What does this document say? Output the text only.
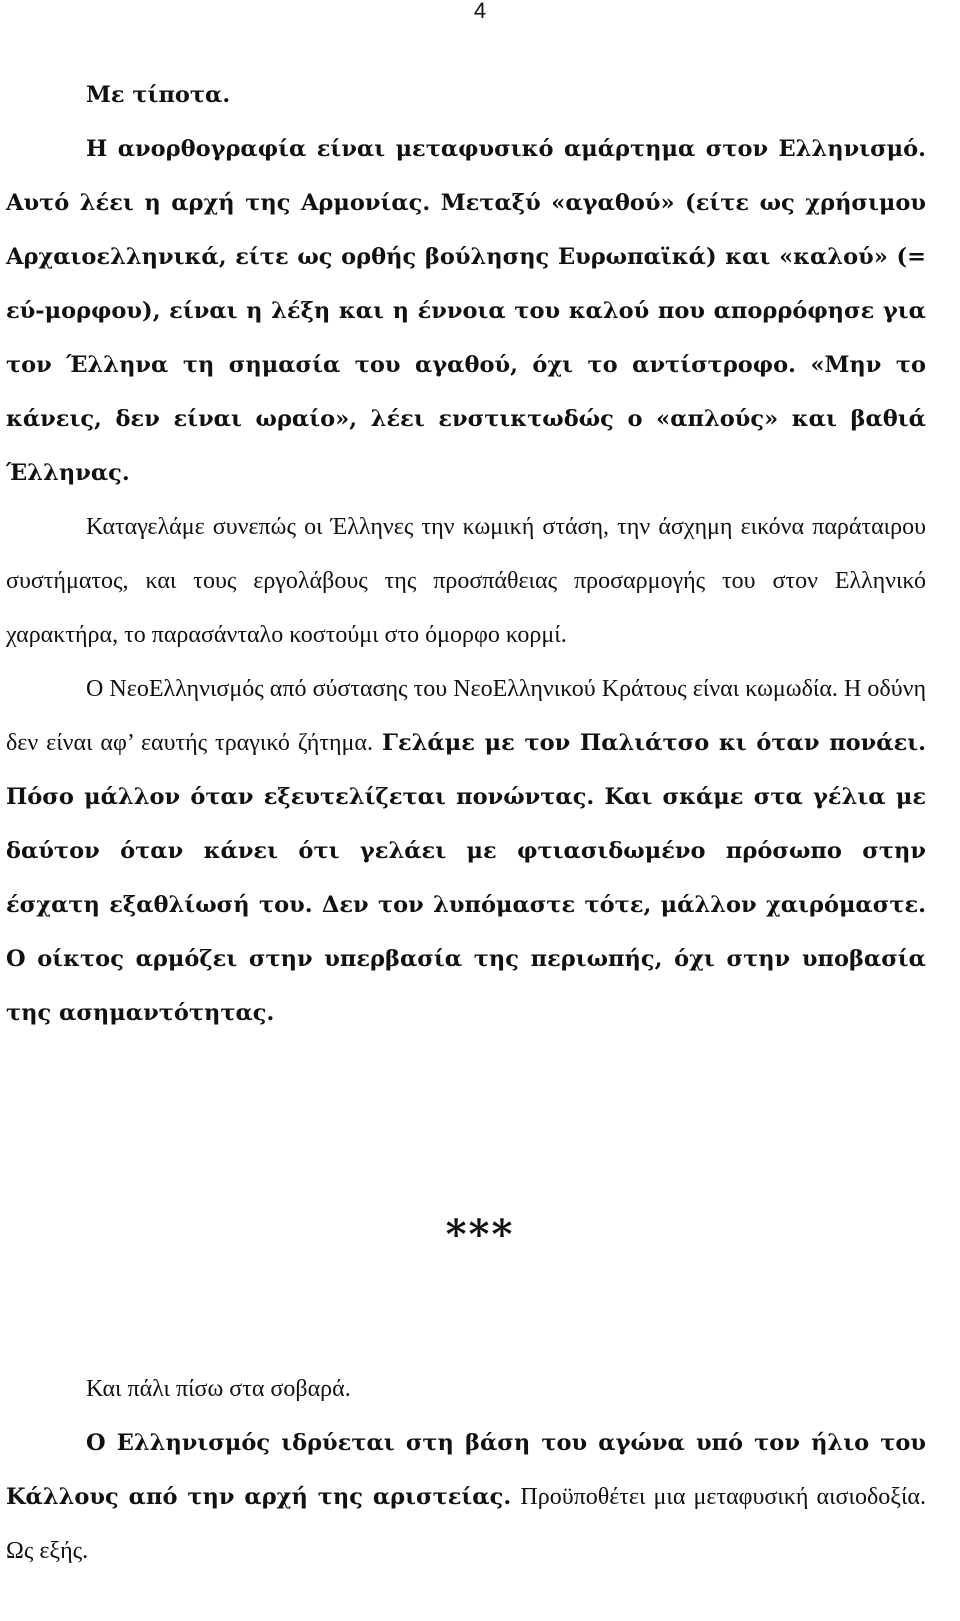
4

Με τίποτα.

Η ανορθογραφία είναι μεταφυσικό αμάρτημα στον Ελληνισμό. Αυτό λέει η αρχή της Αρμονίας. Μεταξύ «αγαθού» (είτε ως χρήσιμου Αρχαιοελληνικά, είτε ως ορθής βούλησης Ευρωπαϊκά) και «καλού» (= εύ-μορφου), είναι η λέξη και η έννοια του καλού που απορρόφησε για τον Έλληνα τη σημασία του αγαθού, όχι το αντίστροφο. «Μην το κάνεις, δεν είναι ωραίο», λέει ενστικτωδώς ο «απλούς» και βαθιά Έλληνας.

Καταγελάμε συνεπώς οι Έλληνες την κωμική στάση, την άσχημη εικόνα παράταιρου συστήματος, και τους εργολάβους της προσπάθειας προσαρμογής του στον Ελληνικό χαρακτήρα, το παρασάνταλο κοστούμι στο όμορφο κορμί.

Ο ΝεοΕλληνισμός από σύστασης του ΝεοΕλληνικού Κράτους είναι κωμωδία. Η οδύνη δεν είναι αφ’ εαυτής τραγικό ζήτημα. Γελάμε με τον Παλιάτσο κι όταν πονάει. Πόσο μάλλον όταν εξευτελίζεται πονώντας. Και σκάμε στα γέλια με δαύτον όταν κάνει ότι γελάει με φτιασιδωμένο πρόσωπο στην έσχατη εξαθλίωσή του. Δεν τον λυπόμαστε τότε, μάλλον χαιρόμαστε. Ο οίκτος αρμόζει στην υπερβασία της περιωπής, όχι στην υποβασία της ασημαντότητας.

***

Και πάλι πίσω στα σοβαρά.

Ο Ελληνισμός ιδρύεται στη βάση του αγώνα υπό τον ήλιο του Κάλλους από την αρχή της αριστείας. Προϋποθέτει μια μεταφυσική αισιοδοξία. Ως εξής.
